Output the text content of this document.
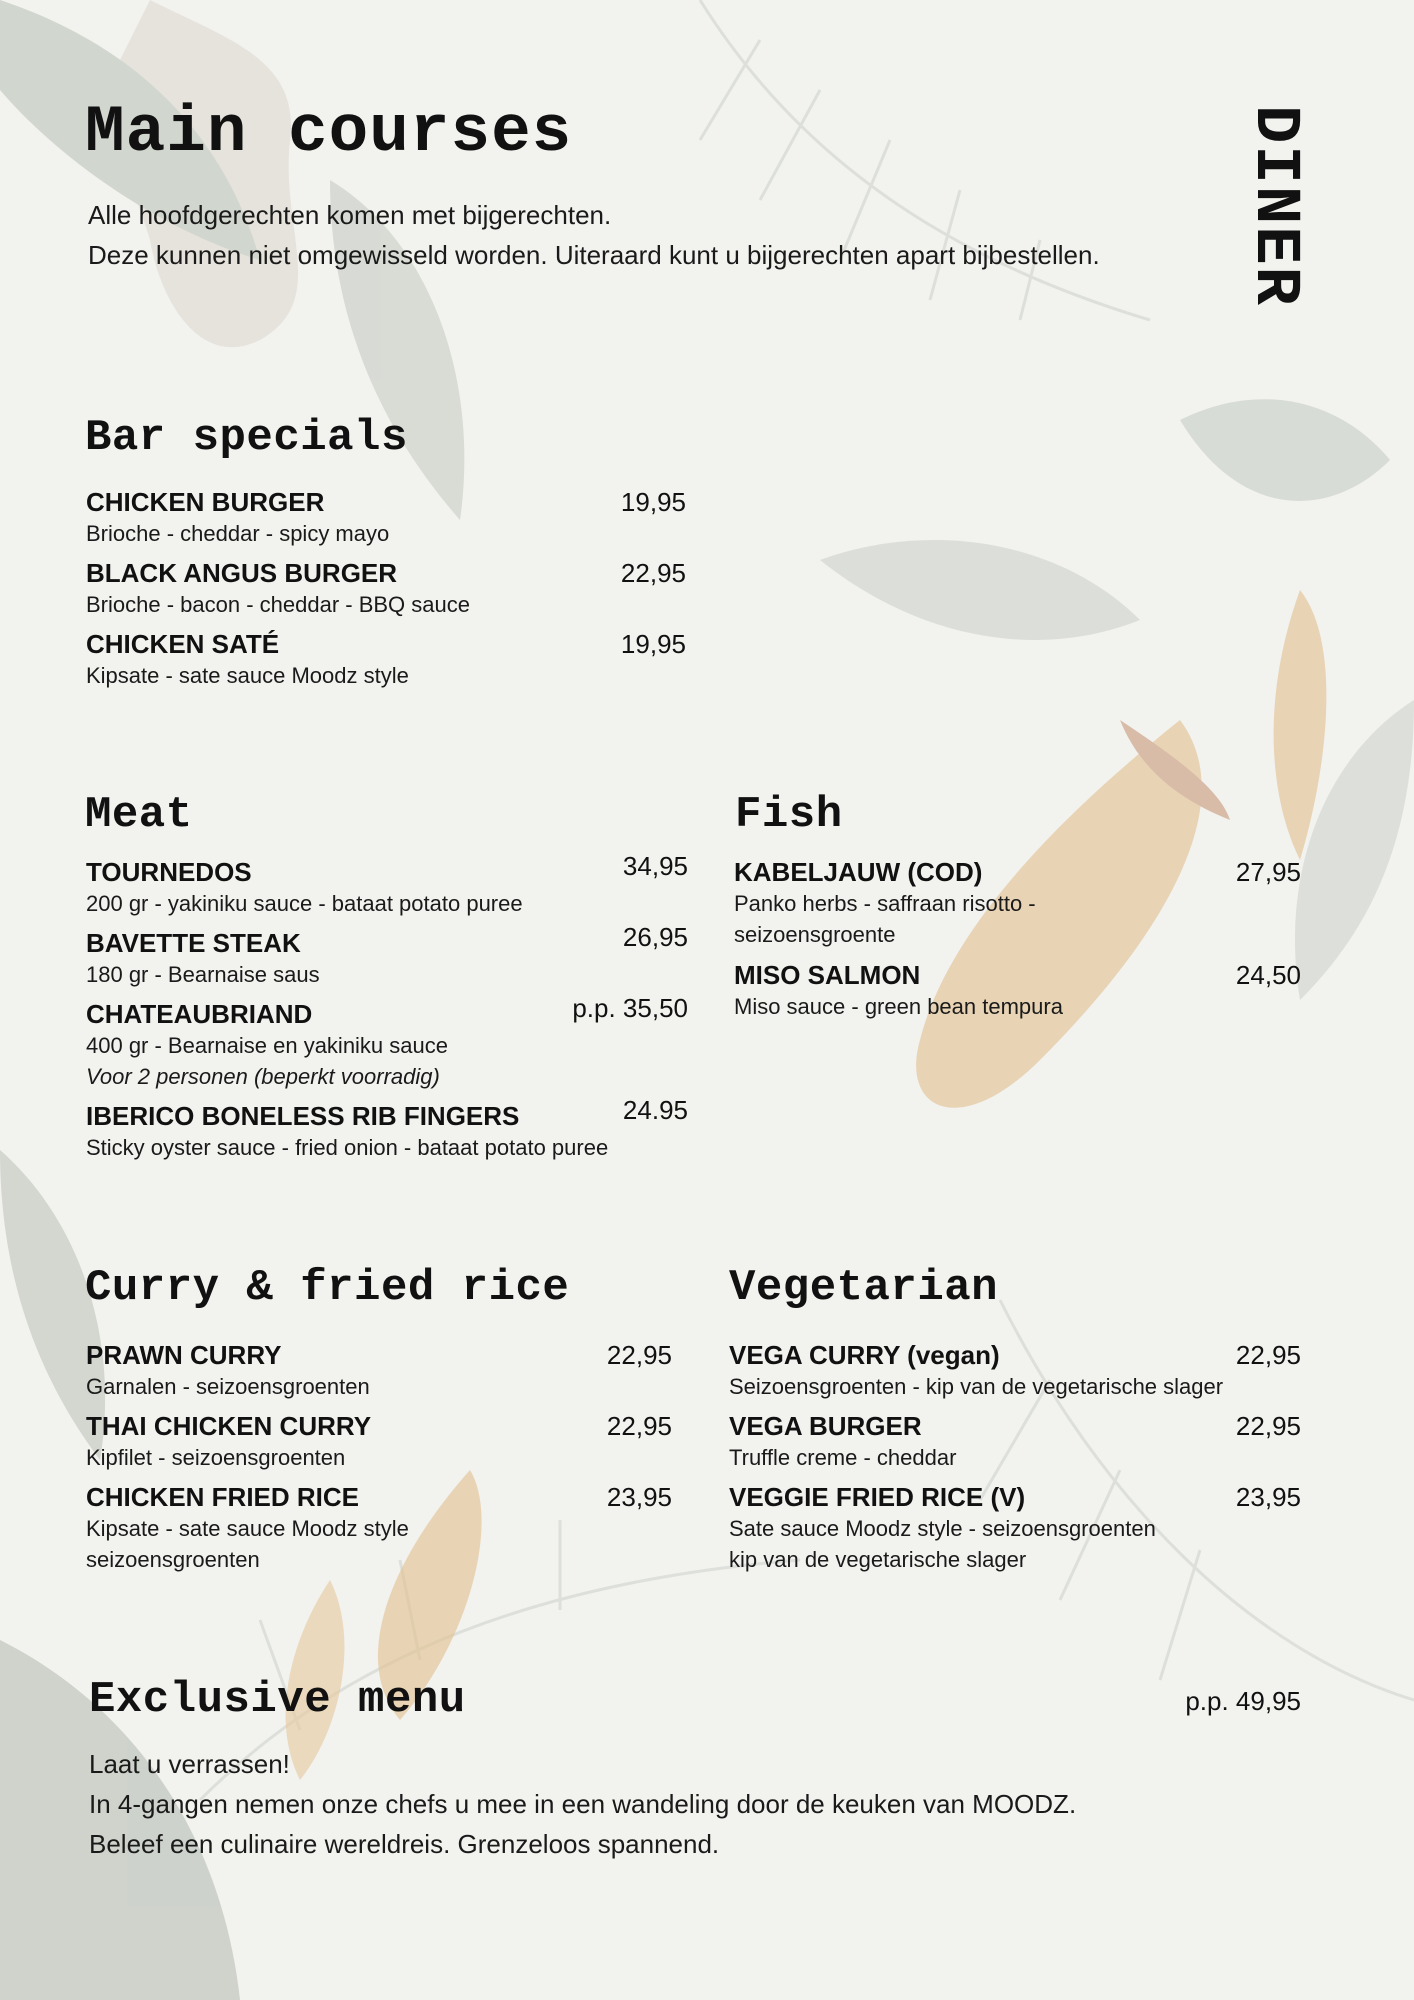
Main courses
Alle hoofdgerechten komen met bijgerechten.
Deze kunnen niet omgewisseld worden. Uiteraard kunt u bijgerechten apart bijbestellen.	DINER
Bar specials
CHICKEN BURGER
Brioche - cheddar - spicy mayo
19,95
BLACK ANGUS BURGER
Brioche - bacon - cheddar - BBQ sauce
22,95
CHICKEN SATÉ
Kipsate - sate sauce Moodz style
19,95
Meat
TOURNEDOS
200 gr - yakiniku sauce - bataat potato puree
34,95
BAVETTE STEAK
180 gr - Bearnaise saus
26,95
CHATEAUBRIAND
400 gr - Bearnaise en yakiniku sauce
Voor 2 personen (beperkt voorradig)
p.p. 35,50
IBERICO BONELESS RIB FINGERS
Sticky oyster sauce - fried onion - bataat potato puree
24.95
Fish
KABELJAUW (COD)
Panko herbs - saffraan risotto -
seizoensgroente
27,95
MISO SALMON
Miso sauce - green bean tempura
24,50
Curry & fried rice
PRAWN CURRY
Garnalen - seizoensgroenten
22,95
THAI CHICKEN CURRY
Kipfilet - seizoensgroenten
22,95
CHICKEN FRIED RICE
Kipsate - sate sauce Moodz style
seizoensgroenten
23,95
Vegetarian
VEGA CURRY (vegan)
Seizoensgroenten - kip van de vegetarische slager
22,95
VEGA BURGER
Truffle creme - cheddar
22,95
VEGGIE FRIED RICE (V)
Sate sauce Moodz style - seizoensgroenten
kip van de vegetarische slager
23,95
Exclusive menu	p.p. 49,95
Laat u verrassen!
In 4-gangen nemen onze chefs u mee in een wandeling door de keuken van MOODZ.
Beleef een culinaire wereldreis. Grenzeloos spannend.
